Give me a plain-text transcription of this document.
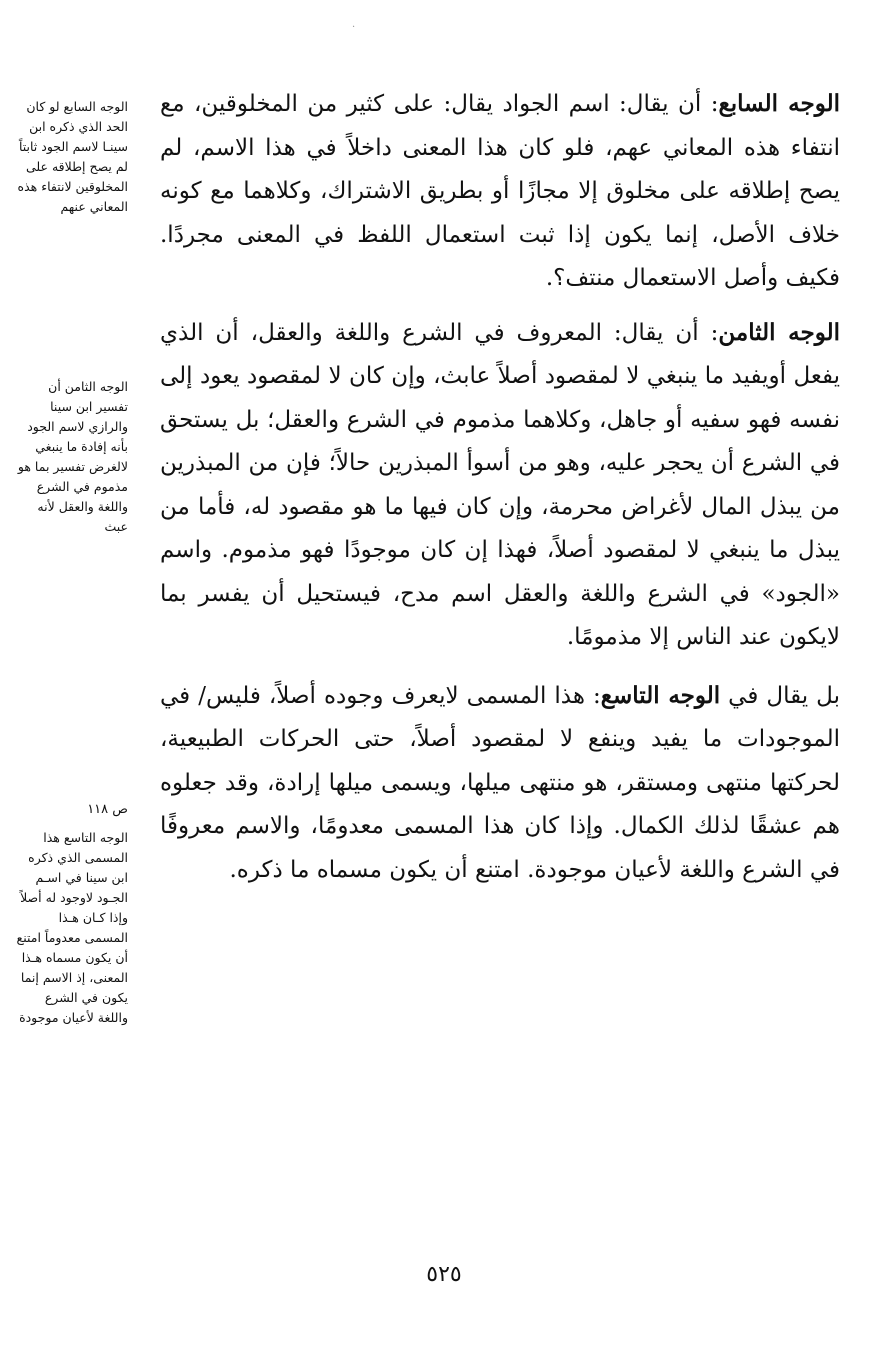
·
الوجه السابع لو كان الحد الذي ذكره ابن سينـا لاسم الجود ثابتاً لم يصح إطلاقه على المخلوقين لانتفاء هذه المعاني عنهم
الوجه الثامن أن تفسير ابن سينا والرازي لاسم الجود بأنه إفادة ما ينبغي لالغرض تفسير بما هو مذموم في الشرع واللغة والعقل لأنه عبث
ص ١١٨
الوجه التاسع هذا المسمى الذي ذكره ابن سينا في اسـم الجـود لاوجود له أصلاً وإذا كـان هـذا المسمى معدوماً امتنع أن يكون مسماه هـذا المعنى، إذ الاسم إنما يكون في الشرع واللغة لأعيان موجودة

الوجه السابع: أن يقال: اسم الجواد يقال: على كثير من المخلوقين، مع انتفاء هذه المعاني عهم، فلو كان هذا المعنى داخلاً في هذا الاسم، لم يصح إطلاقه على مخلوق إلا مجازًا أو بطريق الاشتراك، وكلاهما مع كونه خلاف الأصل، إنما يكون إذا ثبت استعمال اللفظ في المعنى مجردًا. فكيف وأصل الاستعمال منتف؟.

الوجه الثامن: أن يقال: المعروف في الشرع واللغة والعقل، أن الذي يفعل أويفيد ما ينبغي لا لمقصود أصلاً عابث، وإن كان لا لمقصود يعود إلى نفسه فهو سفيه أو جاهل، وكلاهما مذموم في الشرع والعقل؛ بل يستحق في الشرع أن يحجر عليه، وهو من أسوأ المبذرين حالاً؛ فإن من المبذرين من يبذل المال لأغراض محرمة، وإن كان فيها ما هو مقصود له، فأما من يبذل ما ينبغي لا لمقصود أصلاً، فهذا إن كان موجودًا فهو مذموم. واسم «الجود» في الشرع واللغة والعقل اسم مدح، فيستحيل أن يفسر بما لايكون عند الناس إلا مذمومًا.

بل يقال في الوجه التاسع: هذا المسمى لايعرف وجوده أصلاً، فليس/ في الموجودات ما يفيد وينفع لا لمقصود أصلاً، حتى الحركات الطبيعية، لحركتها منتهى ومستقر، هو منتهى ميلها، ويسمى ميلها إرادة، وقد جعلوه هم عشقًا لذلك الكمال. وإذا كان هذا المسمى معدومًا، والاسم معروفًا في الشرع واللغة لأعيان موجودة. امتنع أن يكون مسماه ما ذكره.

٥٢٥
